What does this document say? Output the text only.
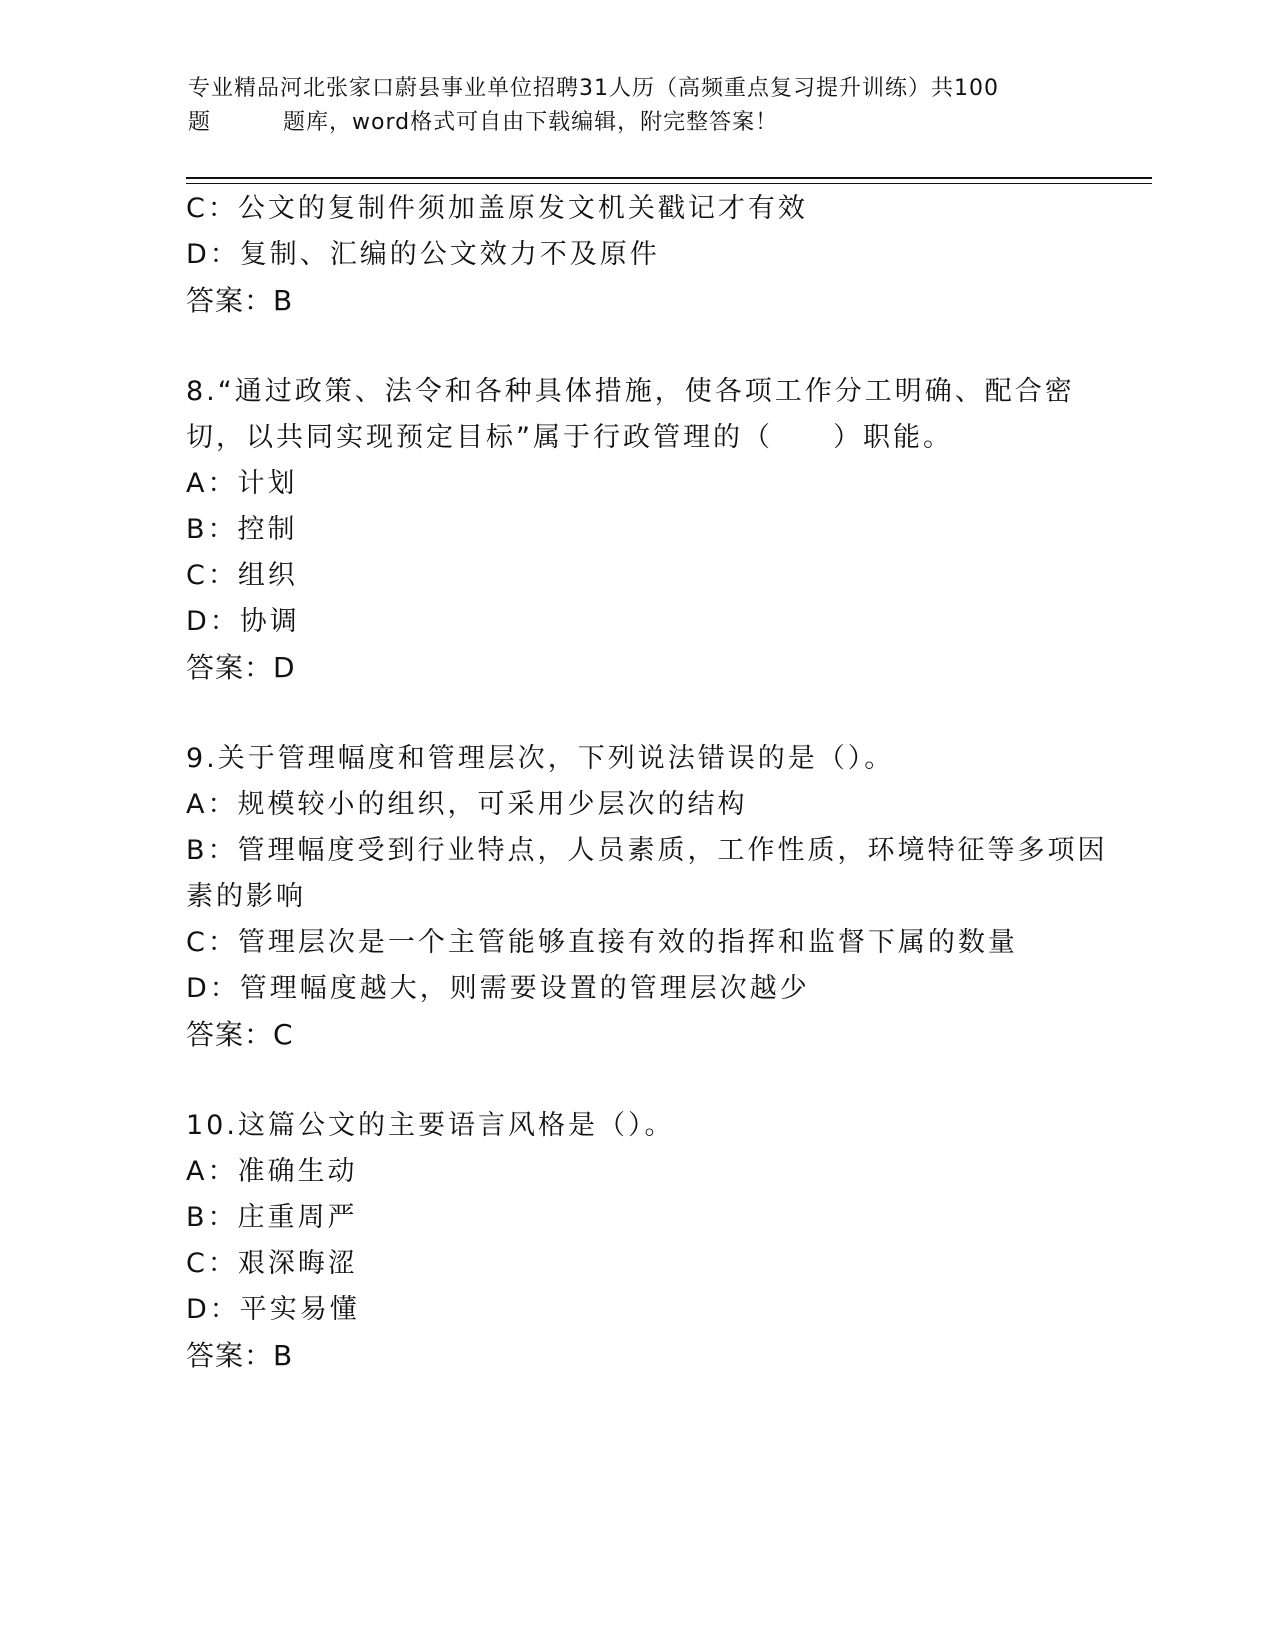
专业精品河北张家口蔚县事业单位招聘31人历（高频重点复习提升训练）共100
题	题库，word格式可自由下载编辑，附完整答案！
C：公文的复制件须加盖原发文机关戳记才有效
D：复制、汇编的公文效力不及原件
答案：B
8.“通过政策、法令和各种具体措施，使各项工作分工明确、配合密
切，以共同实现预定目标”属于行政管理的（　　）职能。
A：计划
B：控制
C：组织
D：协调
答案：D
9.关于管理幅度和管理层次，下列说法错误的是（）。
A：规模较小的组织，可采用少层次的结构
B：管理幅度受到行业特点，人员素质，工作性质，环境特征等多项因
素的影响
C：管理层次是一个主管能够直接有效的指挥和监督下属的数量
D：管理幅度越大，则需要设置的管理层次越少
答案：C
10.这篇公文的主要语言风格是（）。
A：准确生动
B：庄重周严
C：艰深晦涩
D：平实易懂
答案：B
